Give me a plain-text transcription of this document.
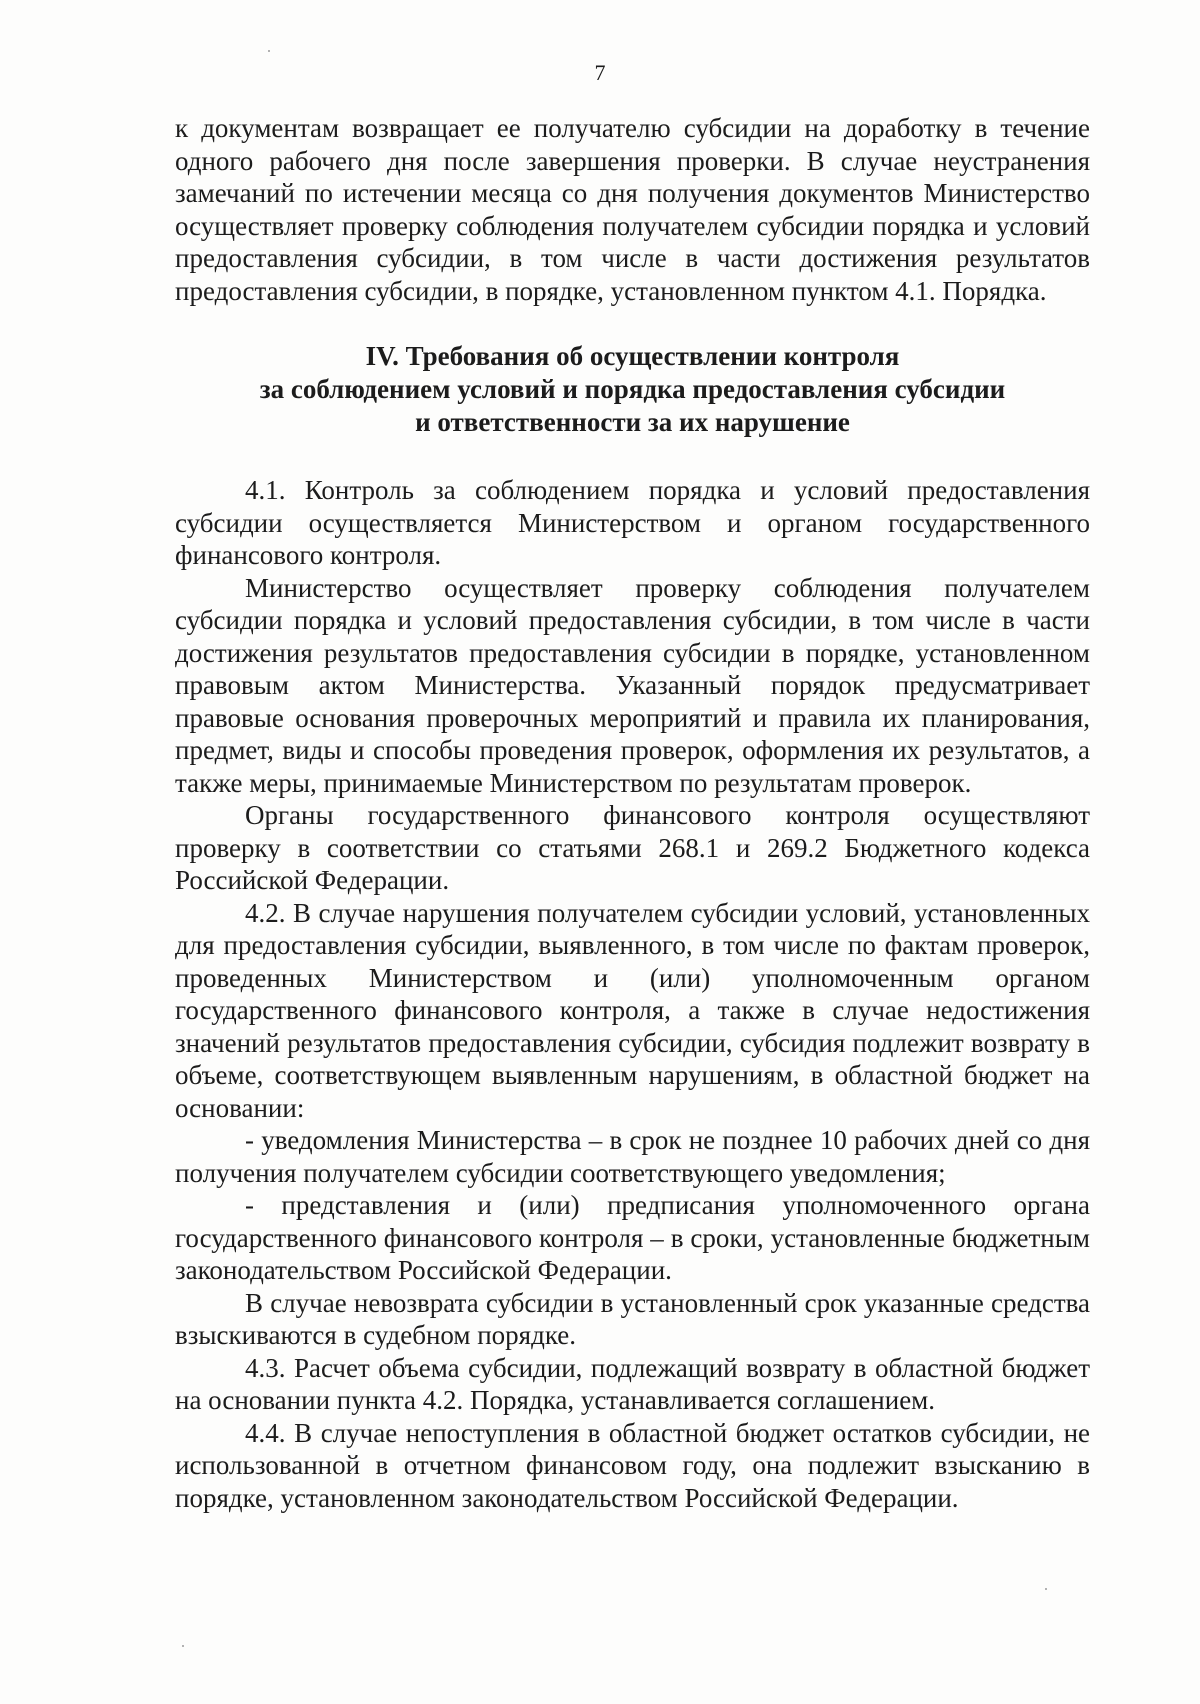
7

к документам возвращает ее получателю субсидии на доработку в течение одного рабочего дня после завершения проверки. В случае неустранения замечаний по истечении месяца со дня получения документов Министерство осуществляет проверку соблюдения получателем субсидии порядка и условий предоставления субсидии, в том числе в части достижения результатов предоставления субсидии, в порядке, установленном пунктом 4.1. Порядка.

IV. Требования об осуществлении контроля
за соблюдением условий и порядка предоставления субсидии
и ответственности за их нарушение

4.1. Контроль за соблюдением порядка и условий предоставления субсидии осуществляется Министерством и органом государственного финансового контроля.

Министерство осуществляет проверку соблюдения получателем субсидии порядка и условий предоставления субсидии, в том числе в части достижения результатов предоставления субсидии в порядке, установленном правовым актом Министерства. Указанный порядок предусматривает правовые основания проверочных мероприятий и правила их планирования, предмет, виды и способы проведения проверок, оформления их результатов, а также меры, принимаемые Министерством по результатам проверок.

Органы государственного финансового контроля осуществляют проверку в соответствии со статьями 268.1 и 269.2 Бюджетного кодекса Российской Федерации.

4.2. В случае нарушения получателем субсидии условий, установленных для предоставления субсидии, выявленного, в том числе по фактам проверок, проведенных Министерством и (или) уполномоченным органом государственного финансового контроля, а также в случае недостижения значений результатов предоставления субсидии, субсидия подлежит возврату в объеме, соответствующем выявленным нарушениям, в областной бюджет на основании:

- уведомления Министерства – в срок не позднее 10 рабочих дней со дня получения получателем субсидии соответствующего уведомления;

- представления и (или) предписания уполномоченного органа государственного финансового контроля – в сроки, установленные бюджетным законодательством Российской Федерации.

В случае невозврата субсидии в установленный срок указанные средства взыскиваются в судебном порядке.

4.3. Расчет объема субсидии, подлежащий возврату в областной бюджет на основании пункта 4.2. Порядка, устанавливается соглашением.

4.4. В случае непоступления в областной бюджет остатков субсидии, не использованной в отчетном финансовом году, она подлежит взысканию в порядке, установленном законодательством Российской Федерации.
